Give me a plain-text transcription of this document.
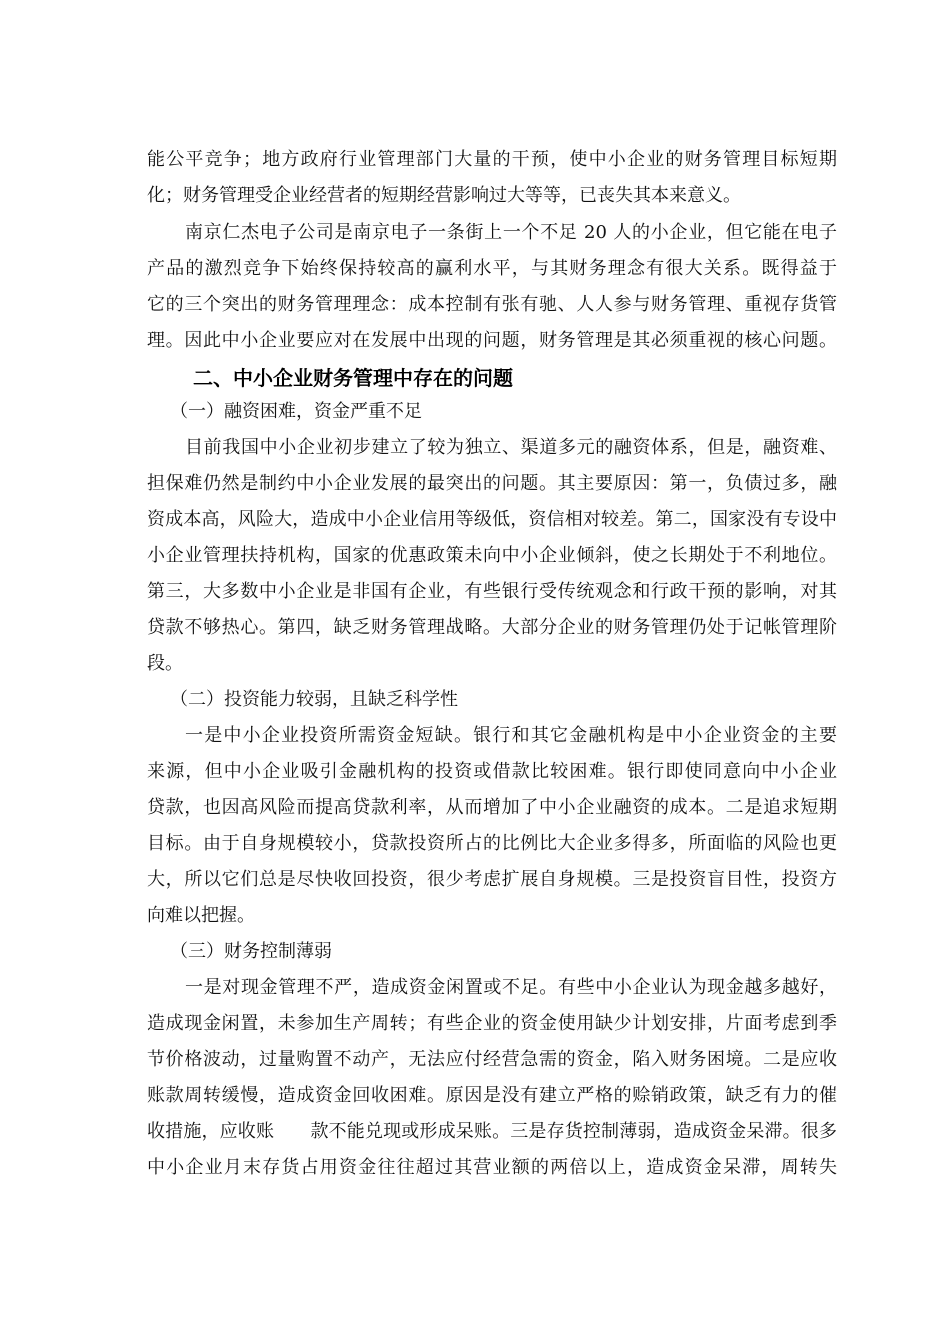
能公平竞争；地方政府行业管理部门大量的干预，使中小企业的财务管理目标短期
化；财务管理受企业经营者的短期经营影响过大等等，已丧失其本来意义。
南京仁杰电子公司是南京电子一条街上一个不足 20 人的小企业，但它能在电子
产品的激烈竞争下始终保持较高的赢利水平，与其财务理念有很大关系。既得益于
它的三个突出的财务管理理念：成本控制有张有驰、人人参与财务管理、重视存货管
理。因此中小企业要应对在发展中出现的问题，财务管理是其必须重视的核心问题。
二、中小企业财务管理中存在的问题
（一）融资困难，资金严重不足
目前我国中小企业初步建立了较为独立、渠道多元的融资体系，但是，融资难、
担保难仍然是制约中小企业发展的最突出的问题。其主要原因：第一，负债过多，融
资成本高，风险大，造成中小企业信用等级低，资信相对较差。第二，国家没有专设中
小企业管理扶持机构，国家的优惠政策未向中小企业倾斜，使之长期处于不利地位。
第三，大多数中小企业是非国有企业，有些银行受传统观念和行政干预的影响，对其
贷款不够热心。第四，缺乏财务管理战略。大部分企业的财务管理仍处于记帐管理阶
段。
（二）投资能力较弱，且缺乏科学性
一是中小企业投资所需资金短缺。银行和其它金融机构是中小企业资金的主要
来源，但中小企业吸引金融机构的投资或借款比较困难。银行即使同意向中小企业
贷款，也因高风险而提高贷款利率，从而增加了中小企业融资的成本。二是追求短期
目标。由于自身规模较小，贷款投资所占的比例比大企业多得多，所面临的风险也更
大，所以它们总是尽快收回投资，很少考虑扩展自身规模。三是投资盲目性，投资方
向难以把握。
（三）财务控制薄弱
一是对现金管理不严，造成资金闲置或不足。有些中小企业认为现金越多越好，
造成现金闲置，未参加生产周转；有些企业的资金使用缺少计划安排，片面考虑到季
节价格波动，过量购置不动产，无法应付经营急需的资金，陷入财务困境。二是应收
账款周转缓慢，造成资金回收困难。原因是没有建立严格的赊销政策，缺乏有力的催
收措施，应收账　　款不能兑现或形成呆账。三是存货控制薄弱，造成资金呆滞。很多
中小企业月末存货占用资金往往超过其营业额的两倍以上，造成资金呆滞，周转失
